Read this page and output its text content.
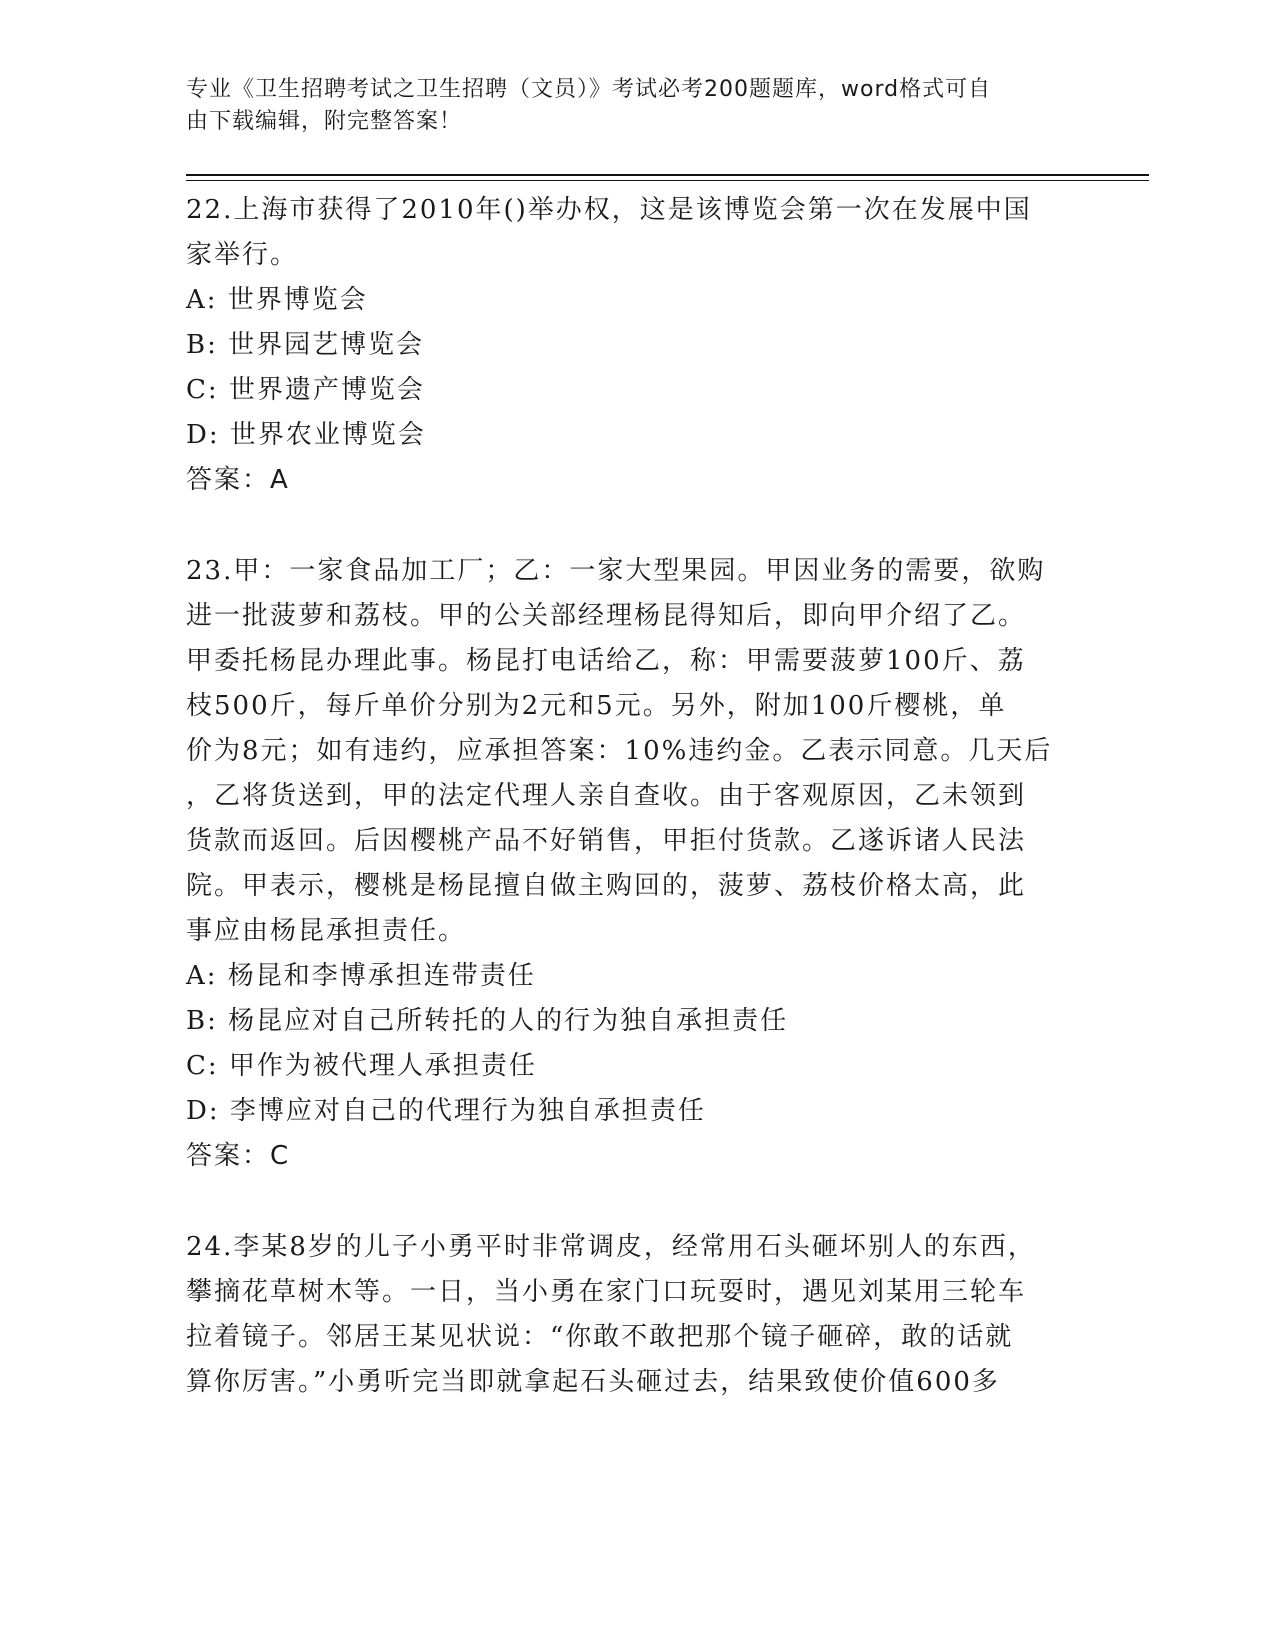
专业《卫生招聘考试之卫生招聘（文员）》考试必考200题题库，word格式可自
由下载编辑，附完整答案！

22.上海市获得了2010年()举办权，这是该博览会第一次在发展中国

家举行。

A: 世界博览会

B: 世界园艺博览会

C: 世界遗产博览会

D: 世界农业博览会

答案：A

23.甲：一家食品加工厂；乙：一家大型果园。甲因业务的需要，欲购

进一批菠萝和荔枝。甲的公关部经理杨昆得知后，即向甲介绍了乙。

甲委托杨昆办理此事。杨昆打电话给乙，称：甲需要菠萝100斤、荔

枝500斤，每斤单价分别为2元和5元。另外，附加100斤樱桃，单

价为8元；如有违约，应承担答案：10%违约金。乙表示同意。几天后

，乙将货送到，甲的法定代理人亲自查收。由于客观原因，乙未领到

货款而返回。后因樱桃产品不好销售，甲拒付货款。乙遂诉诸人民法

院。甲表示，樱桃是杨昆擅自做主购回的，菠萝、荔枝价格太高，此

事应由杨昆承担责任。

A: 杨昆和李博承担连带责任

B: 杨昆应对自己所转托的人的行为独自承担责任

C: 甲作为被代理人承担责任

D: 李博应对自己的代理行为独自承担责任

答案：C

24.李某8岁的儿子小勇平时非常调皮，经常用石头砸坏别人的东西，

攀摘花草树木等。一日，当小勇在家门口玩耍时，遇见刘某用三轮车

拉着镜子。邻居王某见状说：“你敢不敢把那个镜子砸碎，敢的话就

算你厉害。”小勇听完当即就拿起石头砸过去，结果致使价值600多
